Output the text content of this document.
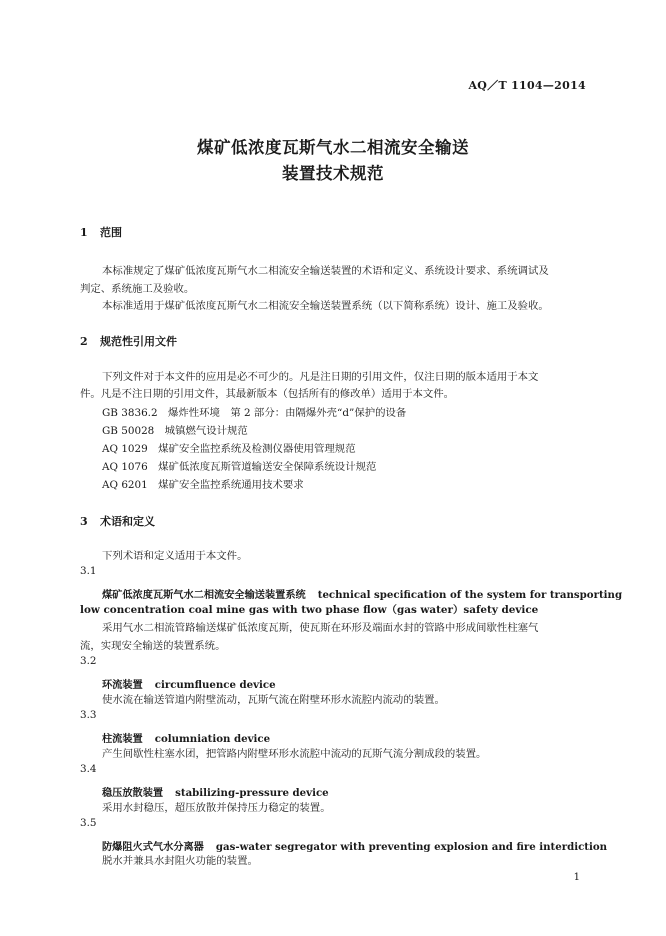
AQ／T 1104—2014
煤矿低浓度瓦斯气水二相流安全输送
装置技术规范
1 范围
本标准规定了煤矿低浓度瓦斯气水二相流安全输送装置的术语和定义、系统设计要求、系统调试及
判定、系统施工及验收。
本标准适用于煤矿低浓度瓦斯气水二相流安全输送装置系统（以下简称系统）设计、施工及验收。
2 规范性引用文件
下列文件对于本文件的应用是必不可少的。凡是注日期的引用文件，仅注日期的版本适用于本文
件。凡是不注日期的引用文件，其最新版本（包括所有的修改单）适用于本文件。
GB 3836.2　爆炸性环境　第 2 部分：由隔爆外壳“d”保护的设备
GB 50028　城镇燃气设计规范
AQ 1029　煤矿安全监控系统及检测仪器使用管理规范
AQ 1076　煤矿低浓度瓦斯管道输送安全保障系统设计规范
AQ 6201　煤矿安全监控系统通用技术要求
3 术语和定义
下列术语和定义适用于本文件。
3.1
煤矿低浓度瓦斯气水二相流安全输送装置系统 technical specification of the system for transporting
low concentration coal mine gas with two phase flow（gas water）safety device
采用气水二相流管路输送煤矿低浓度瓦斯，使瓦斯在环形及端面水封的管路中形成间歇性柱塞气
流，实现安全输送的装置系统。
3.2
环流装置 circumfluence device
使水流在输送管道内附壁流动，瓦斯气流在附壁环形水流腔内流动的装置。
3.3
柱流装置 columniation device
产生间歇性柱塞水团，把管路内附壁环形水流腔中流动的瓦斯气流分割成段的装置。
3.4
稳压放散装置 stabilizing-pressure device
采用水封稳压，超压放散并保持压力稳定的装置。
3.5
防爆阻火式气水分离器 gas-water segregator with preventing explosion and fire interdiction
脱水并兼具水封阻火功能的装置。
1
